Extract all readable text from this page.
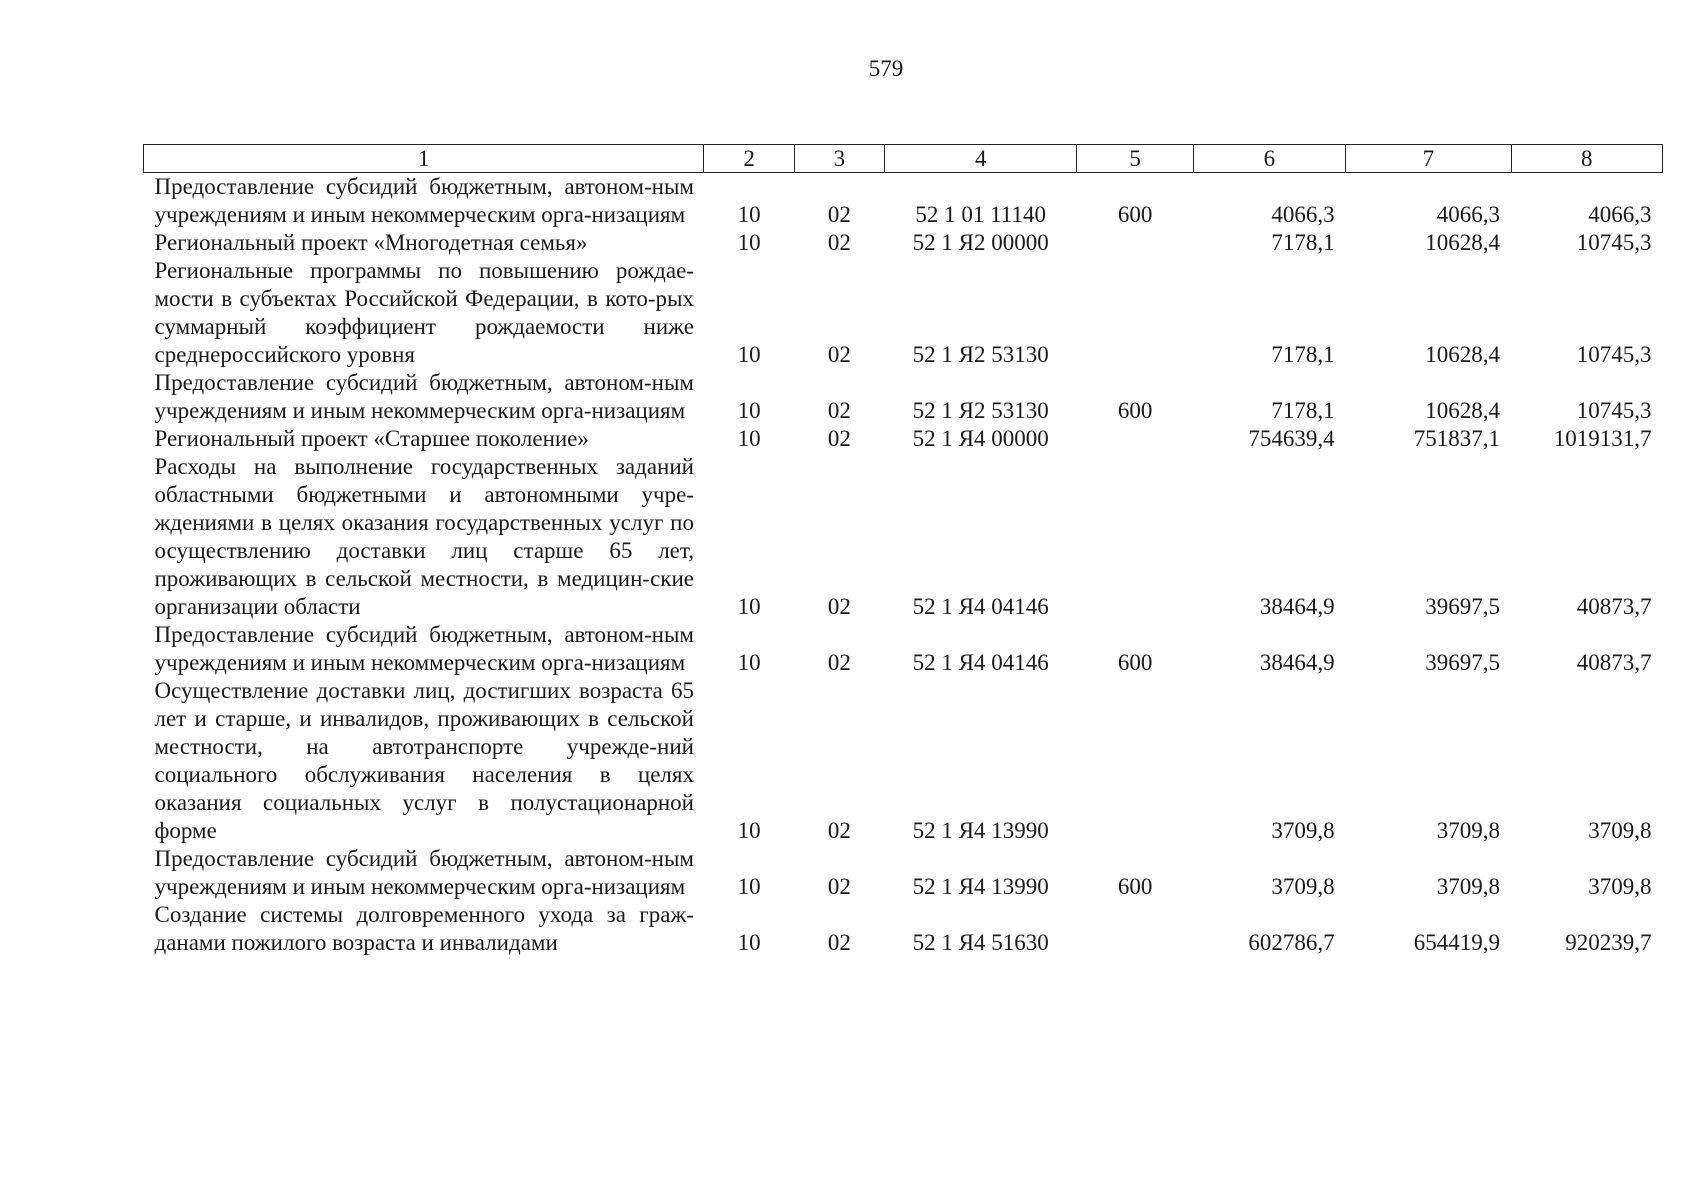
579
1	2	3	4	5	6	7	8
Предоставление субсидий бюджетным, автоном-ным учреждениям и иным некоммерческим орга-низациям	10	02	52 1 01 11140	600	4066,3	4066,3	4066,3
Региональный проект «Многодетная семья»	10	02	52 1 Я2 00000		7178,1	10628,4	10745,3
Региональные программы по повышению рождае-мости в субъектах Российской Федерации, в кото-рых суммарный коэффициент рождаемости ниже среднероссийского уровня	10	02	52 1 Я2 53130		7178,1	10628,4	10745,3
Предоставление субсидий бюджетным, автоном-ным учреждениям и иным некоммерческим орга-низациям	10	02	52 1 Я2 53130	600	7178,1	10628,4	10745,3
Региональный проект «Старшее поколение»	10	02	52 1 Я4 00000		754639,4	751837,1	1019131,7
Расходы на выполнение государственных заданий областными бюджетными и автономными учре-ждениями в целях оказания государственных услуг по осуществлению доставки лиц старше 65 лет, проживающих в сельской местности, в медицин-ские организации области	10	02	52 1 Я4 04146		38464,9	39697,5	40873,7
Предоставление субсидий бюджетным, автоном-ным учреждениям и иным некоммерческим орга-низациям	10	02	52 1 Я4 04146	600	38464,9	39697,5	40873,7
Осуществление доставки лиц, достигших возраста 65 лет и старше, и инвалидов, проживающих в сельской местности, на автотранспорте учрежде-ний социального обслуживания населения в целях оказания социальных услуг в полустационарной форме	10	02	52 1 Я4 13990		3709,8	3709,8	3709,8
Предоставление субсидий бюджетным, автоном-ным учреждениям и иным некоммерческим орга-низациям	10	02	52 1 Я4 13990	600	3709,8	3709,8	3709,8
Создание системы долговременного ухода за граж-данами пожилого возраста и инвалидами	10	02	52 1 Я4 51630		602786,7	654419,9	920239,7
